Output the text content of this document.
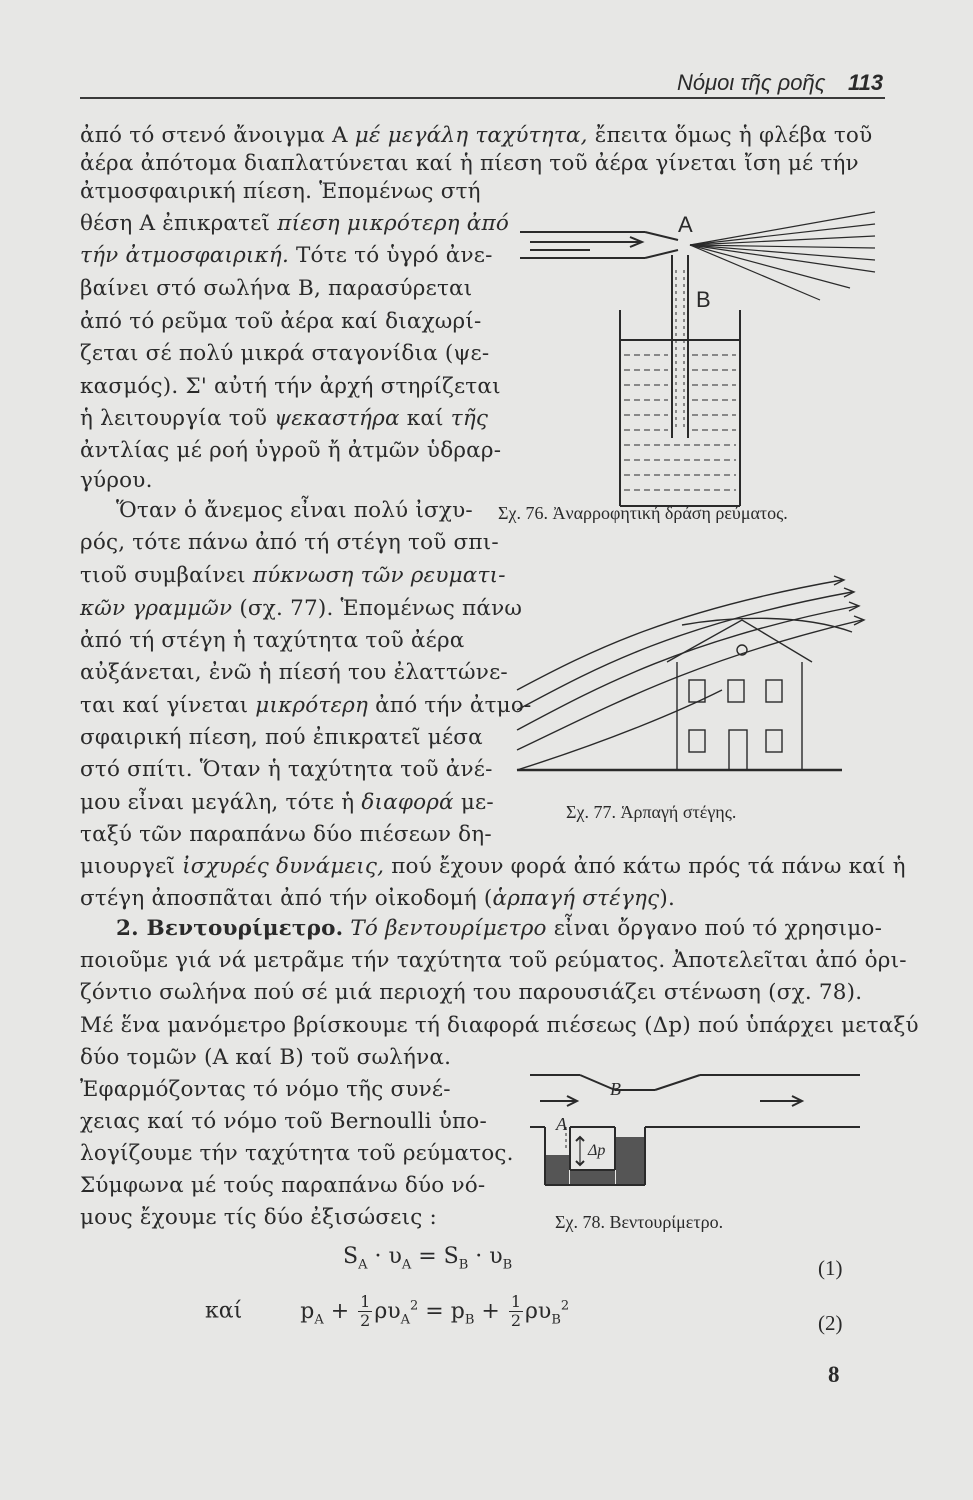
Νόμοι τῆς ροῆς 113
ἀπό τό στενό ἄνοιγμα Α μέ μεγάλη ταχύτητα, ἔπειτα ὅμως ἡ φλέβα τοῦ
ἀέρα ἀπότομα διαπλατύνεται καί ἡ πίεση τοῦ ἀέρα γίνεται ἴση μέ τήν
ἀτμοσφαιρική πίεση. Ἑπομένως στή
θέση Α ἐπικρατεῖ πίεση μικρότερη ἀπό
τήν ἀτμοσφαιρική. Τότε τό ὑγρό ἀνε-
βαίνει στό σωλήνα Β, παρασύρεται
ἀπό τό ρεῦμα τοῦ ἀέρα καί διαχωρί-
ζεται σέ πολύ μικρά σταγονίδια (ψε-
κασμός). Σ' αὐτή τήν ἀρχή στηρίζεται
ἡ λειτουργία τοῦ ψεκαστήρα καί τῆς
ἀντλίας μέ ροή ὑγροῦ ἤ ἀτμῶν ὑδραρ-
γύρου.
A
B
Σχ. 76. Ἀναρροφητική δράση ρεύματος.
Ὅταν ὁ ἄνεμος εἶναι πολύ ἰσχυ-
ρός, τότε πάνω ἀπό τή στέγη τοῦ σπι-
τιοῦ συμβαίνει πύκνωση τῶν ρευματι-
κῶν γραμμῶν (σχ. 77). Ἑπομένως πάνω
ἀπό τή στέγη ἡ ταχύτητα τοῦ ἀέρα
αὐξάνεται, ἐνῶ ἡ πίεσή του ἐλαττώνε-
ται καί γίνεται μικρότερη ἀπό τήν ἀτμο-
σφαιρική πίεση, πού ἐπικρατεῖ μέσα
στό σπίτι. Ὅταν ἡ ταχύτητα τοῦ ἀνέ-
μου εἶναι μεγάλη, τότε ἡ διαφορά με-
ταξύ τῶν παραπάνω δύο πιέσεων δη-
μιουργεῖ ἰσχυρές δυνάμεις, πού ἔχουν φορά ἀπό κάτω πρός τά πάνω καί ἡ
στέγη ἀποσπᾶται ἀπό τήν οἰκοδομή (ἁρπαγή στέγης).
Σχ. 77. Ἁρπαγή στέγης.
2. Βεντουρίμετρο. Τό βεντουρίμετρο εἶναι ὄργανο πού τό χρησιμο-
ποιοῦμε γιά νά μετρᾶμε τήν ταχύτητα τοῦ ρεύματος. Ἀποτελεῖται ἀπό ὁρι-
ζόντιο σωλήνα πού σέ μιά περιοχή του παρουσιάζει στένωση (σχ. 78).
Μέ ἕνα μανόμετρο βρίσκουμε τή διαφορά πιέσεως (Δp) πού ὑπάρχει μεταξύ
δύο τομῶν (Α καί Β) τοῦ σωλήνα.
Ἐφαρμόζοντας τό νόμο τῆς συνέ-
χειας καί τό νόμο τοῦ Bernoulli ὑπο-
λογίζουμε τήν ταχύτητα τοῦ ρεύματος.
Σύμφωνα μέ τούς παραπάνω δύο νό-
μους ἔχουμε τίς δύο ἐξισώσεις :
A
B
Δp
Σχ. 78. Βεντουρίμετρο.
$S_A \cdot \upsilon_A = S_B \cdot \upsilon_B$	(1)
καί	$p_A + \frac{1}{2} \rho\upsilon_A^2 = p_B + \frac{1}{2} \rho\upsilon_B^2$
(2)
8
